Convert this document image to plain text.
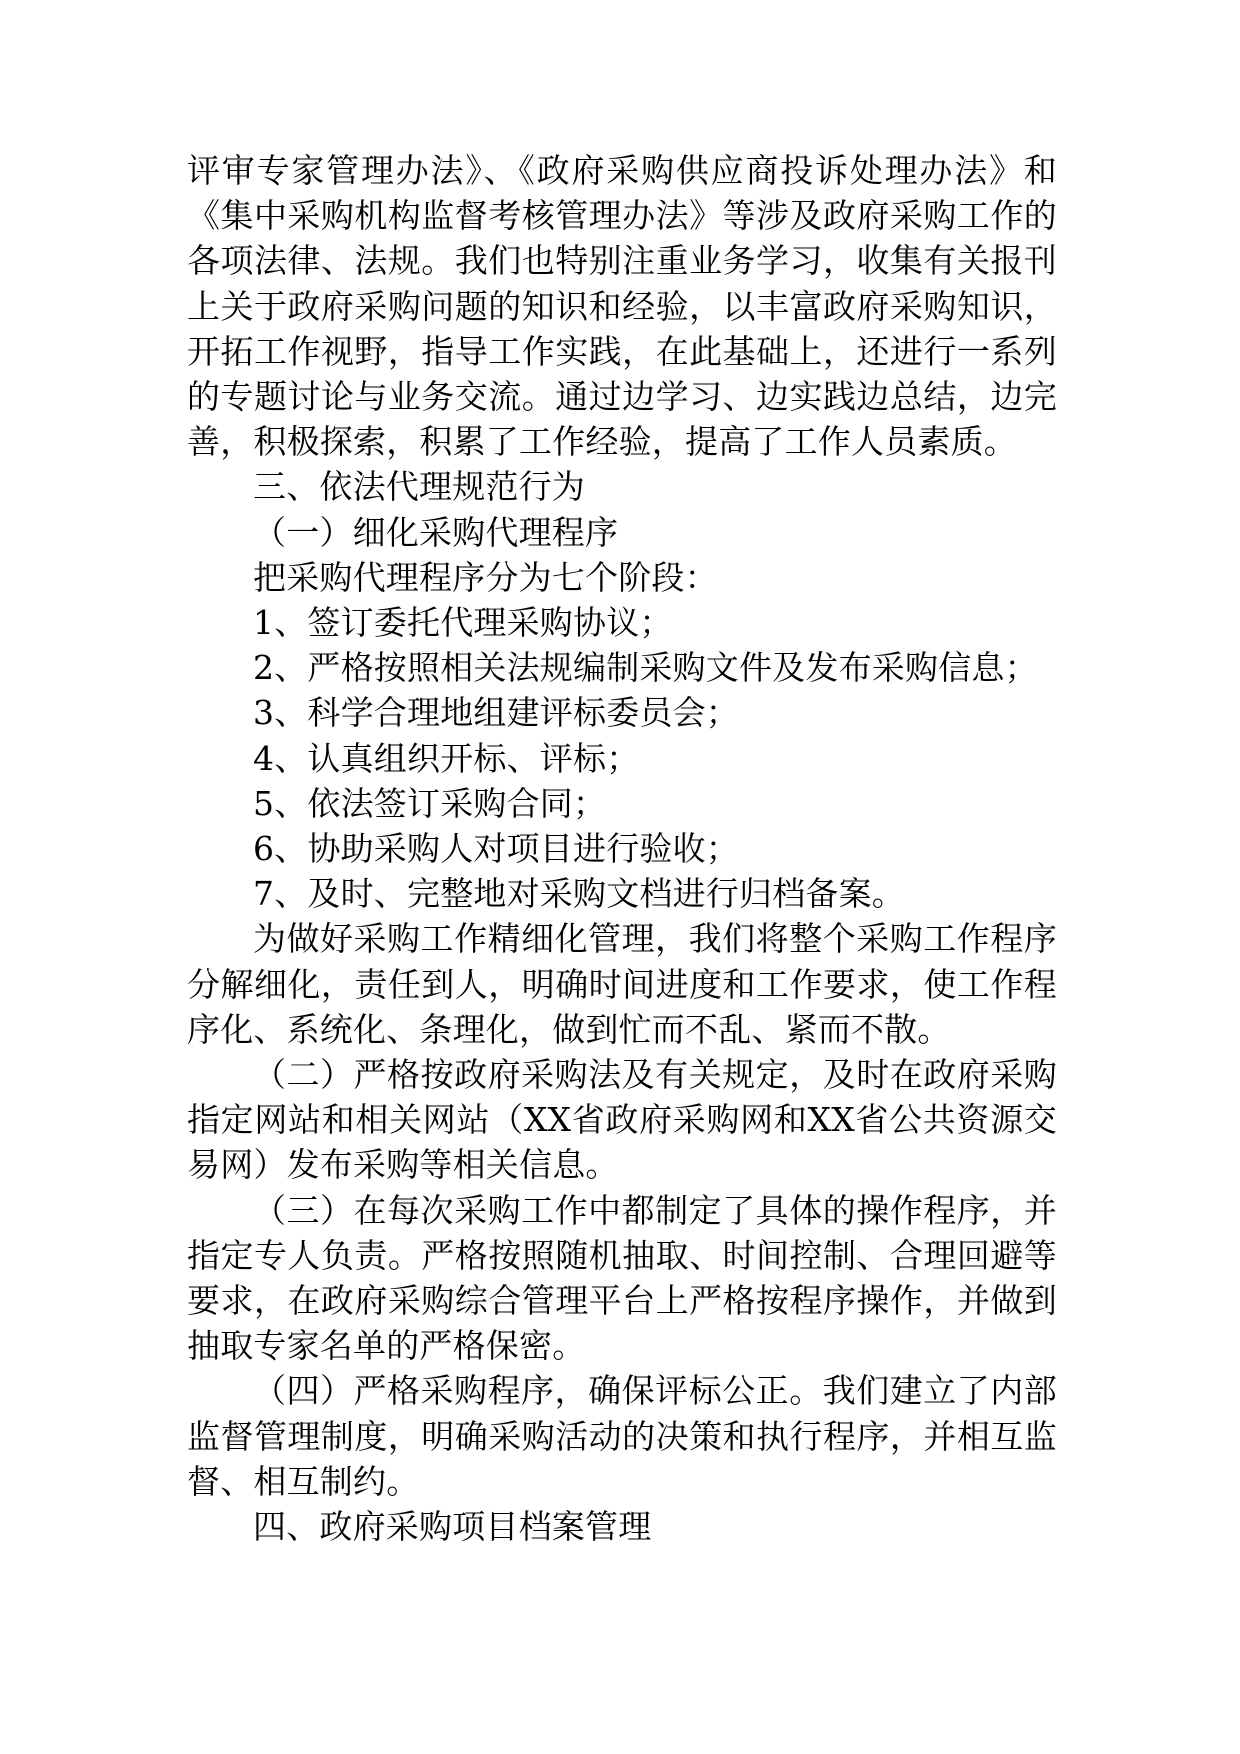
评审专家管理办法》、《政府采购供应商投诉处理办法》和《集中采购机构监督考核管理办法》等涉及政府采购工作的各项法律、法规。我们也特别注重业务学习，收集有关报刊上关于政府采购问题的知识和经验，以丰富政府采购知识，开拓工作视野，指导工作实践，在此基础上，还进行一系列的专题讨论与业务交流。通过边学习、边实践边总结，边完善，积极探索，积累了工作经验，提高了工作人员素质。

三、依法代理规范行为

（一）细化采购代理程序

把采购代理程序分为七个阶段：

1、签订委托代理采购协议；

2、严格按照相关法规编制采购文件及发布采购信息；

3、科学合理地组建评标委员会；

4、认真组织开标、评标；

5、依法签订采购合同；

6、协助采购人对项目进行验收；

7、及时、完整地对采购文档进行归档备案。

为做好采购工作精细化管理，我们将整个采购工作程序分解细化，责任到人，明确时间进度和工作要求，使工作程序化、系统化、条理化，做到忙而不乱、紧而不散。

（二）严格按政府采购法及有关规定，及时在政府采购指定网站和相关网站（XX省政府采购网和XX省公共资源交易网）发布采购等相关信息。

（三）在每次采购工作中都制定了具体的操作程序，并指定专人负责。严格按照随机抽取、时间控制、合理回避等要求，在政府采购综合管理平台上严格按程序操作，并做到抽取专家名单的严格保密。

（四）严格采购程序，确保评标公正。我们建立了内部监督管理制度，明确采购活动的决策和执行程序，并相互监督、相互制约。

四、政府采购项目档案管理
